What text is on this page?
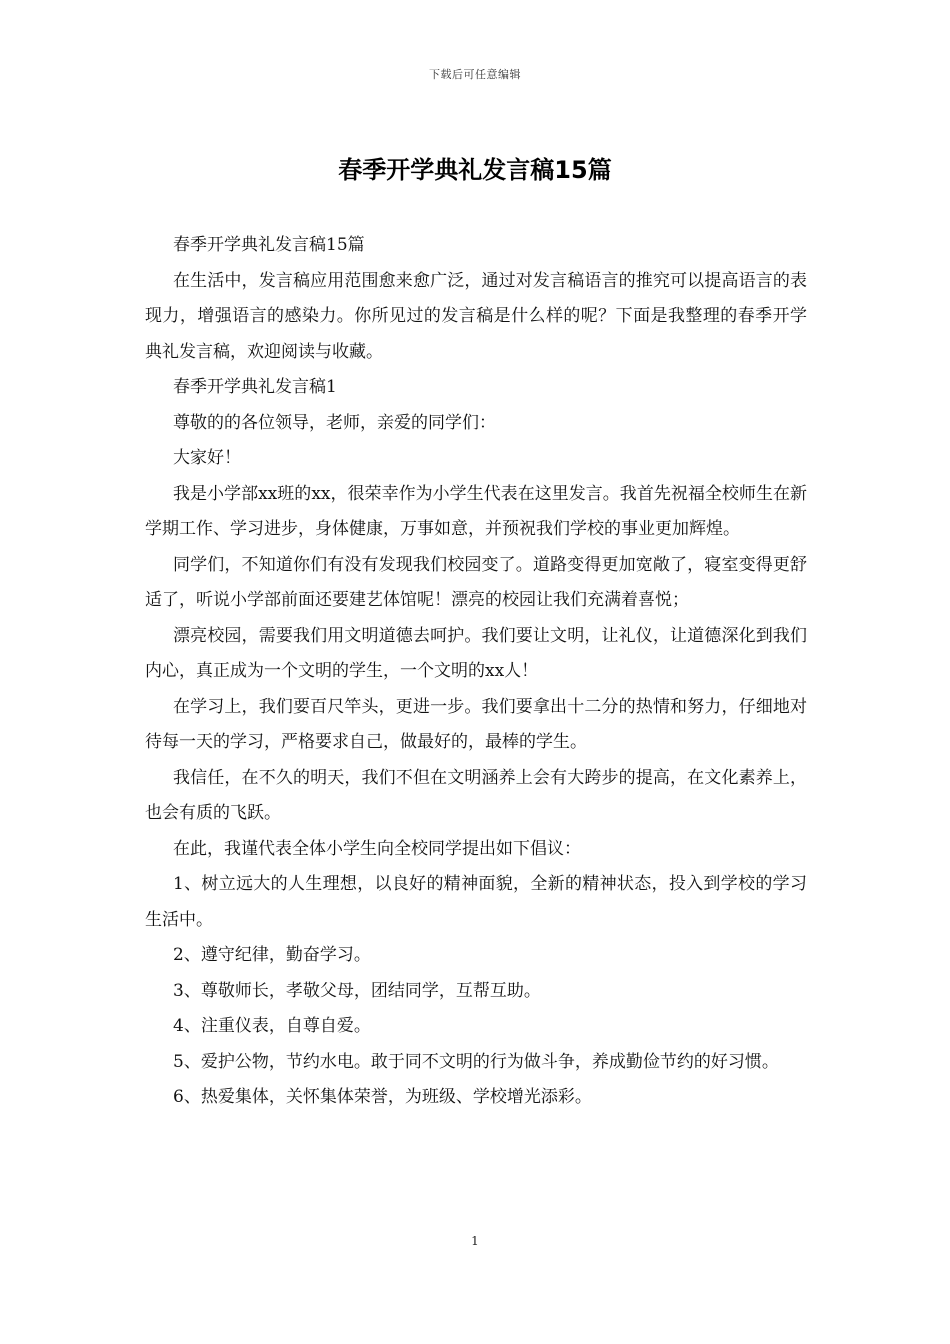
下载后可任意编辑
春季开学典礼发言稿15篇

春季开学典礼发言稿15篇

在生活中，发言稿应用范围愈来愈广泛，通过对发言稿语言的推究可以提高语言的表现力，增强语言的感染力。你所见过的发言稿是什么样的呢？下面是我整理的春季开学典礼发言稿，欢迎阅读与收藏。

春季开学典礼发言稿1

尊敬的的各位领导，老师，亲爱的同学们：

大家好！

我是小学部xx班的xx，很荣幸作为小学生代表在这里发言。我首先祝福全校师生在新学期工作、学习进步，身体健康，万事如意，并预祝我们学校的事业更加辉煌。

同学们，不知道你们有没有发现我们校园变了。道路变得更加宽敞了，寝室变得更舒适了，听说小学部前面还要建艺体馆呢！漂亮的校园让我们充满着喜悦；

漂亮校园，需要我们用文明道德去呵护。我们要让文明，让礼仪，让道德深化到我们内心，真正成为一个文明的学生，一个文明的xx人！

在学习上，我们要百尺竿头，更进一步。我们要拿出十二分的热情和努力，仔细地对待每一天的学习，严格要求自己，做最好的，最棒的学生。

我信任，在不久的明天，我们不但在文明涵养上会有大跨步的提高，在文化素养上，也会有质的飞跃。

在此，我谨代表全体小学生向全校同学提出如下倡议：

1、树立远大的人生理想，以良好的精神面貌，全新的精神状态，投入到学校的学习生活中。

2、遵守纪律，勤奋学习。

3、尊敬师长，孝敬父母，团结同学，互帮互助。

4、注重仪表，自尊自爱。

5、爱护公物，节约水电。敢于同不文明的行为做斗争，养成勤俭节约的好习惯。

6、热爱集体，关怀集体荣誉，为班级、学校增光添彩。

1
